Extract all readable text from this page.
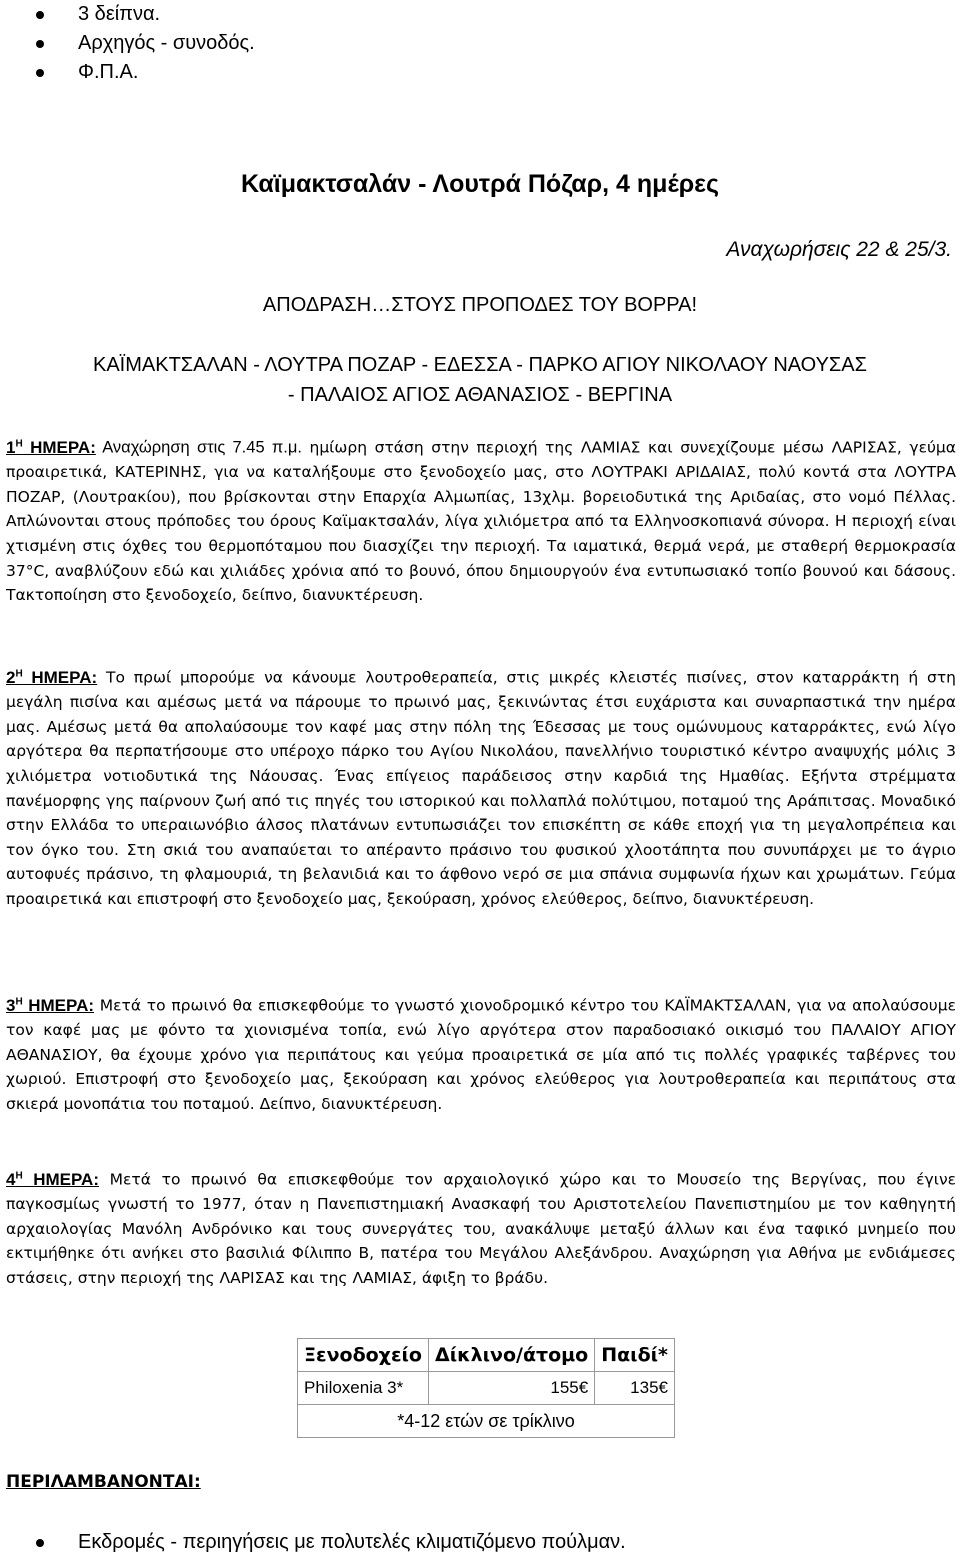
3 δείπνα.
Αρχηγός - συνοδός.
Φ.Π.Α.
Καϊμακτσαλάν - Λουτρά Πόζαρ, 4 ημέρες
Αναχωρήσεις 22 & 25/3.
ΑΠΟΔΡΑΣΗ…ΣΤΟΥΣ ΠΡΟΠΟΔΕΣ ΤΟΥ ΒΟΡΡΑ!
ΚΑΪΜΑΚΤΣΑΛΑΝ - ΛΟΥΤΡΑ ΠΟΖΑΡ - ΕΔΕΣΣΑ - ΠΑΡΚΟ ΑΓΙΟΥ ΝΙΚΟΛΑΟΥ ΝΑΟΥΣΑΣ
- ΠΑΛΑΙΟΣ ΑΓΙΟΣ ΑΘΑΝΑΣΙΟΣ - ΒΕΡΓΙΝΑ
$1^H$ ΗΜΕΡΑ: Αναχώρηση στις 7.45 π.μ. ημίωρη στάση στην περιοχή της ΛΑΜΙΑΣ και συνεχίζουμε μέσω ΛΑΡΙΣΑΣ, γεύμα προαιρετικά, ΚΑΤΕΡΙΝΗΣ, για να καταλήξουμε στο ξενοδοχείο μας, στο ΛΟΥΤΡΑΚΙ ΑΡΙΔΑΙΑΣ, πολύ κοντά στα ΛΟΥΤΡΑ ΠΟΖΑΡ, (Λουτρακίου), που βρίσκονται στην Επαρχία Αλμωπίας, 13χλμ. βορειοδυτικά της Αριδαίας, στο νομό Πέλλας. Απλώνονται στους πρόποδες του όρους Καϊμακτσαλάν, λίγα χιλιόμετρα από τα Ελληνοσκοπιανά σύνορα. Η περιοχή είναι χτισμένη στις όχθες του θερμοπόταμου που διασχίζει την περιοχή. Τα ιαματικά, θερμά νερά, με σταθερή θερμοκρασία 37°C, αναβλύζουν εδώ και χιλιάδες χρόνια από το βουνό, όπου δημιουργούν ένα εντυπωσιακό τοπίο βουνού και δάσους. Τακτοποίηση στο ξενοδοχείο, δείπνο, διανυκτέρευση.
$2^H$ ΗΜΕΡΑ: Το πρωί μπορούμε να κάνουμε λουτροθεραπεία, στις μικρές κλειστές πισίνες, στον καταρράκτη ή στη μεγάλη πισίνα και αμέσως μετά να πάρουμε το πρωινό μας, ξεκινώντας έτσι ευχάριστα και συναρπαστικά την ημέρα μας. Αμέσως μετά θα απολαύσουμε τον καφέ μας στην πόλη της Έδεσσας με τους ομώνυμους καταρράκτες, ενώ λίγο αργότερα θα περπατήσουμε στο υπέροχο πάρκο του Αγίου Νικολάου, πανελλήνιο τουριστικό κέντρο αναψυχής μόλις 3 χιλιόμετρα νοτιοδυτικά της Νάουσας. Ένας επίγειος παράδεισος στην καρδιά της Ημαθίας. Εξήντα στρέμματα πανέμορφης γης παίρνουν ζωή από τις πηγές του ιστορικού και πολλαπλά πολύτιμου, ποταμού της Αράπιτσας. Μοναδικό στην Ελλάδα το υπεραιωνόβιο άλσος πλατάνων εντυπωσιάζει τον επισκέπτη σε κάθε εποχή για τη μεγαλοπρέπεια και τον όγκο του. Στη σκιά του αναπαύεται το απέραντο πράσινο του φυσικού χλοοτάπητα που συνυπάρχει με το άγριο αυτοφυές πράσινο, τη φλαμουριά, τη βελανιδιά και το άφθονο νερό σε μια σπάνια συμφωνία ήχων και χρωμάτων. Γεύμα προαιρετικά και επιστροφή στο ξενοδοχείο μας, ξεκούραση, χρόνος ελεύθερος, δείπνο, διανυκτέρευση.
$3^H$ ΗΜΕΡΑ: Μετά το πρωινό θα επισκεφθούμε το γνωστό χιονοδρομικό κέντρο του ΚΑΪΜΑΚΤΣΑΛΑΝ, για να απολαύσουμε τον καφέ μας με φόντο τα χιονισμένα τοπία, ενώ λίγο αργότερα στον παραδοσιακό οικισμό του ΠΑΛΑΙΟΥ ΑΓΙΟΥ ΑΘΑΝΑΣΙΟΥ, θα έχουμε χρόνο για περιπάτους και γεύμα προαιρετικά σε μία από τις πολλές γραφικές ταβέρνες του χωριού. Επιστροφή στο ξενοδοχείο μας, ξεκούραση και χρόνος ελεύθερος για λουτροθεραπεία και περιπάτους στα σκιερά μονοπάτια του ποταμού. Δείπνο, διανυκτέρευση.
$4^H$ ΗΜΕΡΑ: Μετά το πρωινό θα επισκεφθούμε τον αρχαιολογικό χώρο και το Μουσείο της Βεργίνας, που έγινε παγκοσμίως γνωστή το 1977, όταν η Πανεπιστημιακή Ανασκαφή του Αριστοτελείου Πανεπιστημίου με τον καθηγητή αρχαιολογίας Μανόλη Ανδρόνικο και τους συνεργάτες του, ανακάλυψε μεταξύ άλλων και ένα ταφικό μνημείο που εκτιμήθηκε ότι ανήκει στο βασιλιά Φίλιππο Β, πατέρα του Μεγάλου Αλεξάνδρου. Αναχώρηση για Αθήνα με ενδιάμεσες στάσεις, στην περιοχή της ΛΑΡΙΣΑΣ και της ΛΑΜΙΑΣ, άφιξη το βράδυ.
Ξενοδοχείο	Δίκλινο/άτομο	Παιδί*
Philoxenia 3*	155€	135€
*4-12 ετών σε τρίκλινο		
ΠΕΡΙΛΑΜΒΑΝΟΝΤΑΙ:
Εκδρομές - περιηγήσεις με πολυτελές κλιματιζόμενο πούλμαν.
